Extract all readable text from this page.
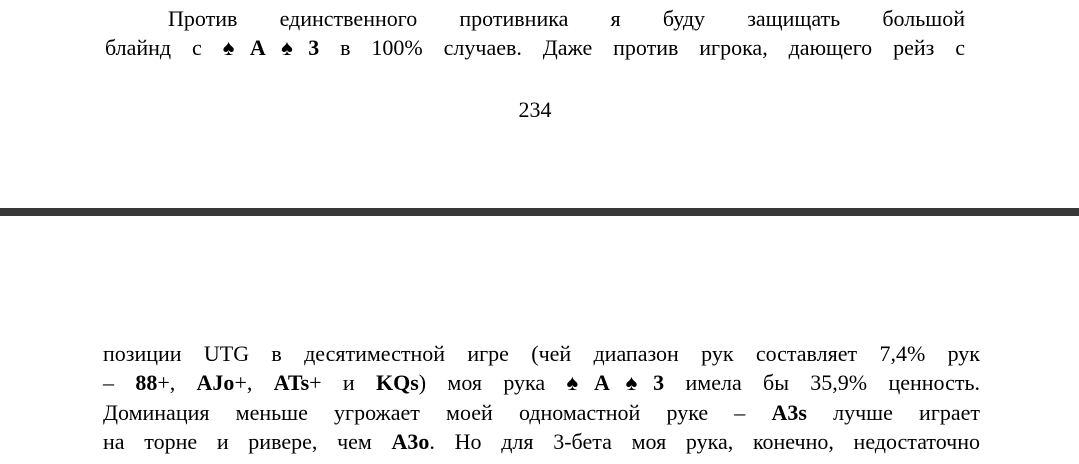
Против единственного противника я буду защищать большой
блайнд с ♠A♠3 в 100% случаев. Даже против игрока, дающего рейз с
234
позиции UTG в десятиместной игре (чей диапазон рук составляет 7,4% рук
– 88+, AJo+, ATs+ и KQs) моя рука ♠A♠3 имела бы 35,9% ценность.
Доминация меньше угрожает моей одномастной руке – A3s лучше играет
на торне и ривере, чем A3o. Но для 3-бета моя рука, конечно, недостаточно
